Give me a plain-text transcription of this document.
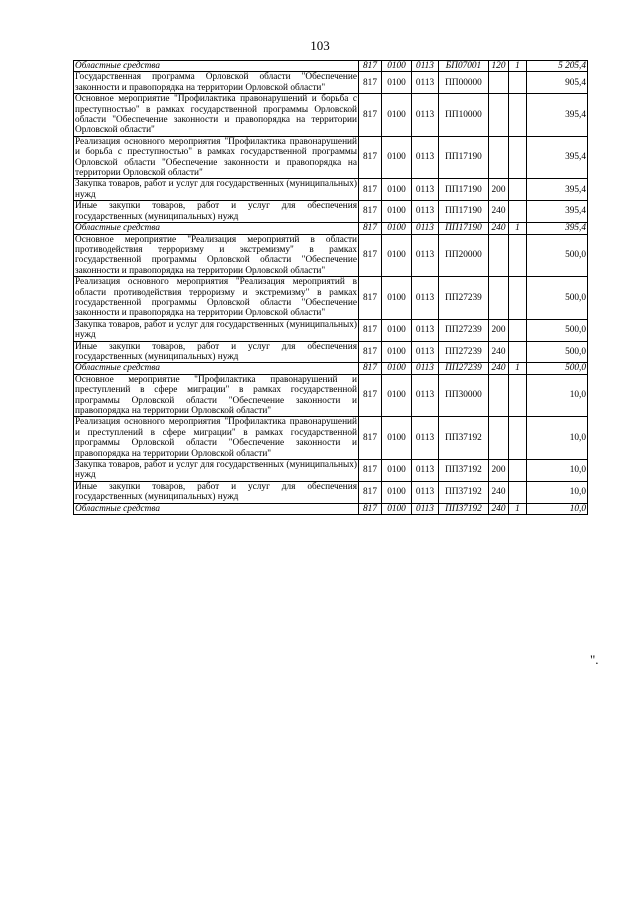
103
Областные средства	817	0100	0113	БП07001	120	1	5 205,4
Государственная программа Орловской области "Обеспечение законности и правопорядка на территории Орловской области"	817	0100	0113	ПП00000			905,4
Основное мероприятие "Профилактика правонарушений и борьба с преступностью" в рамках государственной программы Орловской области "Обеспечение законности и правопорядка на территории Орловской области"	817	0100	0113	ПП10000			395,4
Реализация основного мероприятия "Профилактика правонарушений и борьба с преступностью" в рамках государственной программы Орловской области "Обеспечение законности и правопорядка на территории Орловской области"	817	0100	0113	ПП17190			395,4
Закупка товаров, работ и услуг для государственных (муниципальных) нужд	817	0100	0113	ПП17190	200		395,4
Иные закупки товаров, работ и услуг для обеспечения государственных (муниципальных) нужд	817	0100	0113	ПП17190	240		395,4
Областные средства	817	0100	0113	ПП17190	240	1	395,4
Основное мероприятие "Реализация мероприятий в области противодействия терроризму и экстремизму" в рамках государственной программы Орловской области "Обеспечение законности и правопорядка на территории Орловской области"	817	0100	0113	ПП20000			500,0
Реализация основного мероприятия "Реализация мероприятий в области противодействия терроризму и экстремизму" в рамках государственной программы Орловской области "Обеспечение законности и правопорядка на территории Орловской области"	817	0100	0113	ПП27239			500,0
Закупка товаров, работ и услуг для государственных (муниципальных) нужд	817	0100	0113	ПП27239	200		500,0
Иные закупки товаров, работ и услуг для обеспечения государственных (муниципальных) нужд	817	0100	0113	ПП27239	240		500,0
Областные средства	817	0100	0113	ПП27239	240	1	500,0
Основное мероприятие "Профилактика правонарушений и преступлений в сфере миграции" в рамках государственной программы Орловской области "Обеспечение законности и правопорядка на территории Орловской области"	817	0100	0113	ПП30000			10,0
Реализация основного мероприятия "Профилактика правонарушений и преступлений в сфере миграции" в рамках государственной программы Орловской области "Обеспечение законности и правопорядка на территории Орловской области"	817	0100	0113	ПП37192			10,0
Закупка товаров, работ и услуг для государственных (муниципальных) нужд	817	0100	0113	ПП37192	200		10,0
Иные закупки товаров, работ и услуг для обеспечения государственных (муниципальных) нужд	817	0100	0113	ПП37192	240		10,0
Областные средства	817	0100	0113	ПП37192	240	1	10,0
".
